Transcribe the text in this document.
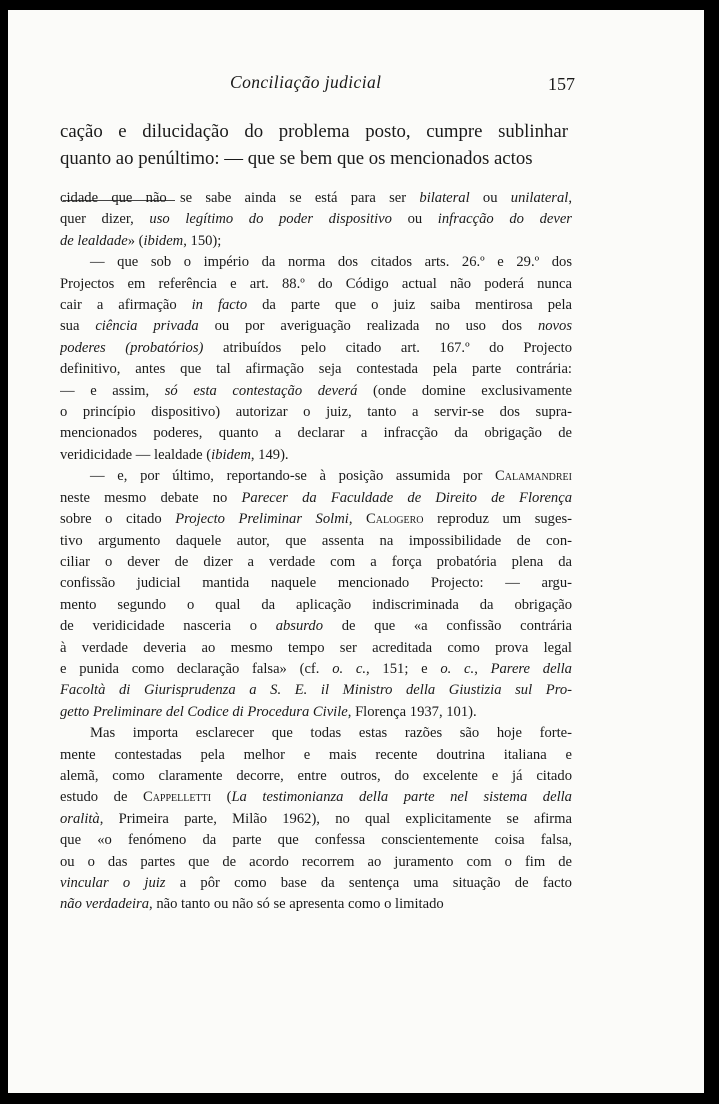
Conciliação judicial	157
cação e dilucidação do problema posto, cumpre sublinhar
quanto ao penúltimo: — que se bem que os mencionados actos
cidade que não se sabe ainda se está para ser bilateral ou unilateral,
quer dizer, uso legítimo do poder dispositivo ou infracção do dever
de lealdade» (ibidem, 150);
— que sob o império da norma dos citados arts. 26.º e 29.º dos
Projectos em referência e art. 88.º do Código actual não poderá nunca
cair a afirmação in facto da parte que o juiz saiba mentirosa pela
sua ciência privada ou por averiguação realizada no uso dos novos
poderes (probatórios) atribuídos pelo citado art. 167.º do Projecto
definitivo, antes que tal afirmação seja contestada pela parte contrária:
— e assim, só esta contestação deverá (onde domine exclusivamente
o princípio dispositivo) autorizar o juiz, tanto a servir-se dos supra-
mencionados poderes, quanto a declarar a infracção da obrigação de
veridicidade — lealdade (ibidem, 149).
— e, por último, reportando-se à posição assumida por Calamandrei
neste mesmo debate no Parecer da Faculdade de Direito de Florença
sobre o citado Projecto Preliminar Solmi, Calogero reproduz um suges-
tivo argumento daquele autor, que assenta na impossibilidade de con-
ciliar o dever de dizer a verdade com a força probatória plena da
confissão judicial mantida naquele mencionado Projecto: — argu-
mento segundo o qual da aplicação indiscriminada da obrigação
de veridicidade nasceria o absurdo de que «a confissão contrária
à verdade deveria ao mesmo tempo ser acreditada como prova legal
e punida como declaração falsa» (cf. o. c., 151; e o. c., Parere della
Facoltà di Giurisprudenza a S. E. il Ministro della Giustizia sul Pro-
getto Preliminare del Codice di Procedura Civile, Florença 1937, 101).
Mas importa esclarecer que todas estas razões são hoje forte-
mente contestadas pela melhor e mais recente doutrina italiana e
alemã, como claramente decorre, entre outros, do excelente e já citado
estudo de Cappelletti (La testimonianza della parte nel sistema della
oralità, Primeira parte, Milão 1962), no qual explicitamente se afirma
que «o fenómeno da parte que confessa conscientemente coisa falsa,
ou o das partes que de acordo recorrem ao juramento com o fim de
vincular o juiz a pôr como base da sentença uma situação de facto
não verdadeira, não tanto ou não só se apresenta como o limitado
